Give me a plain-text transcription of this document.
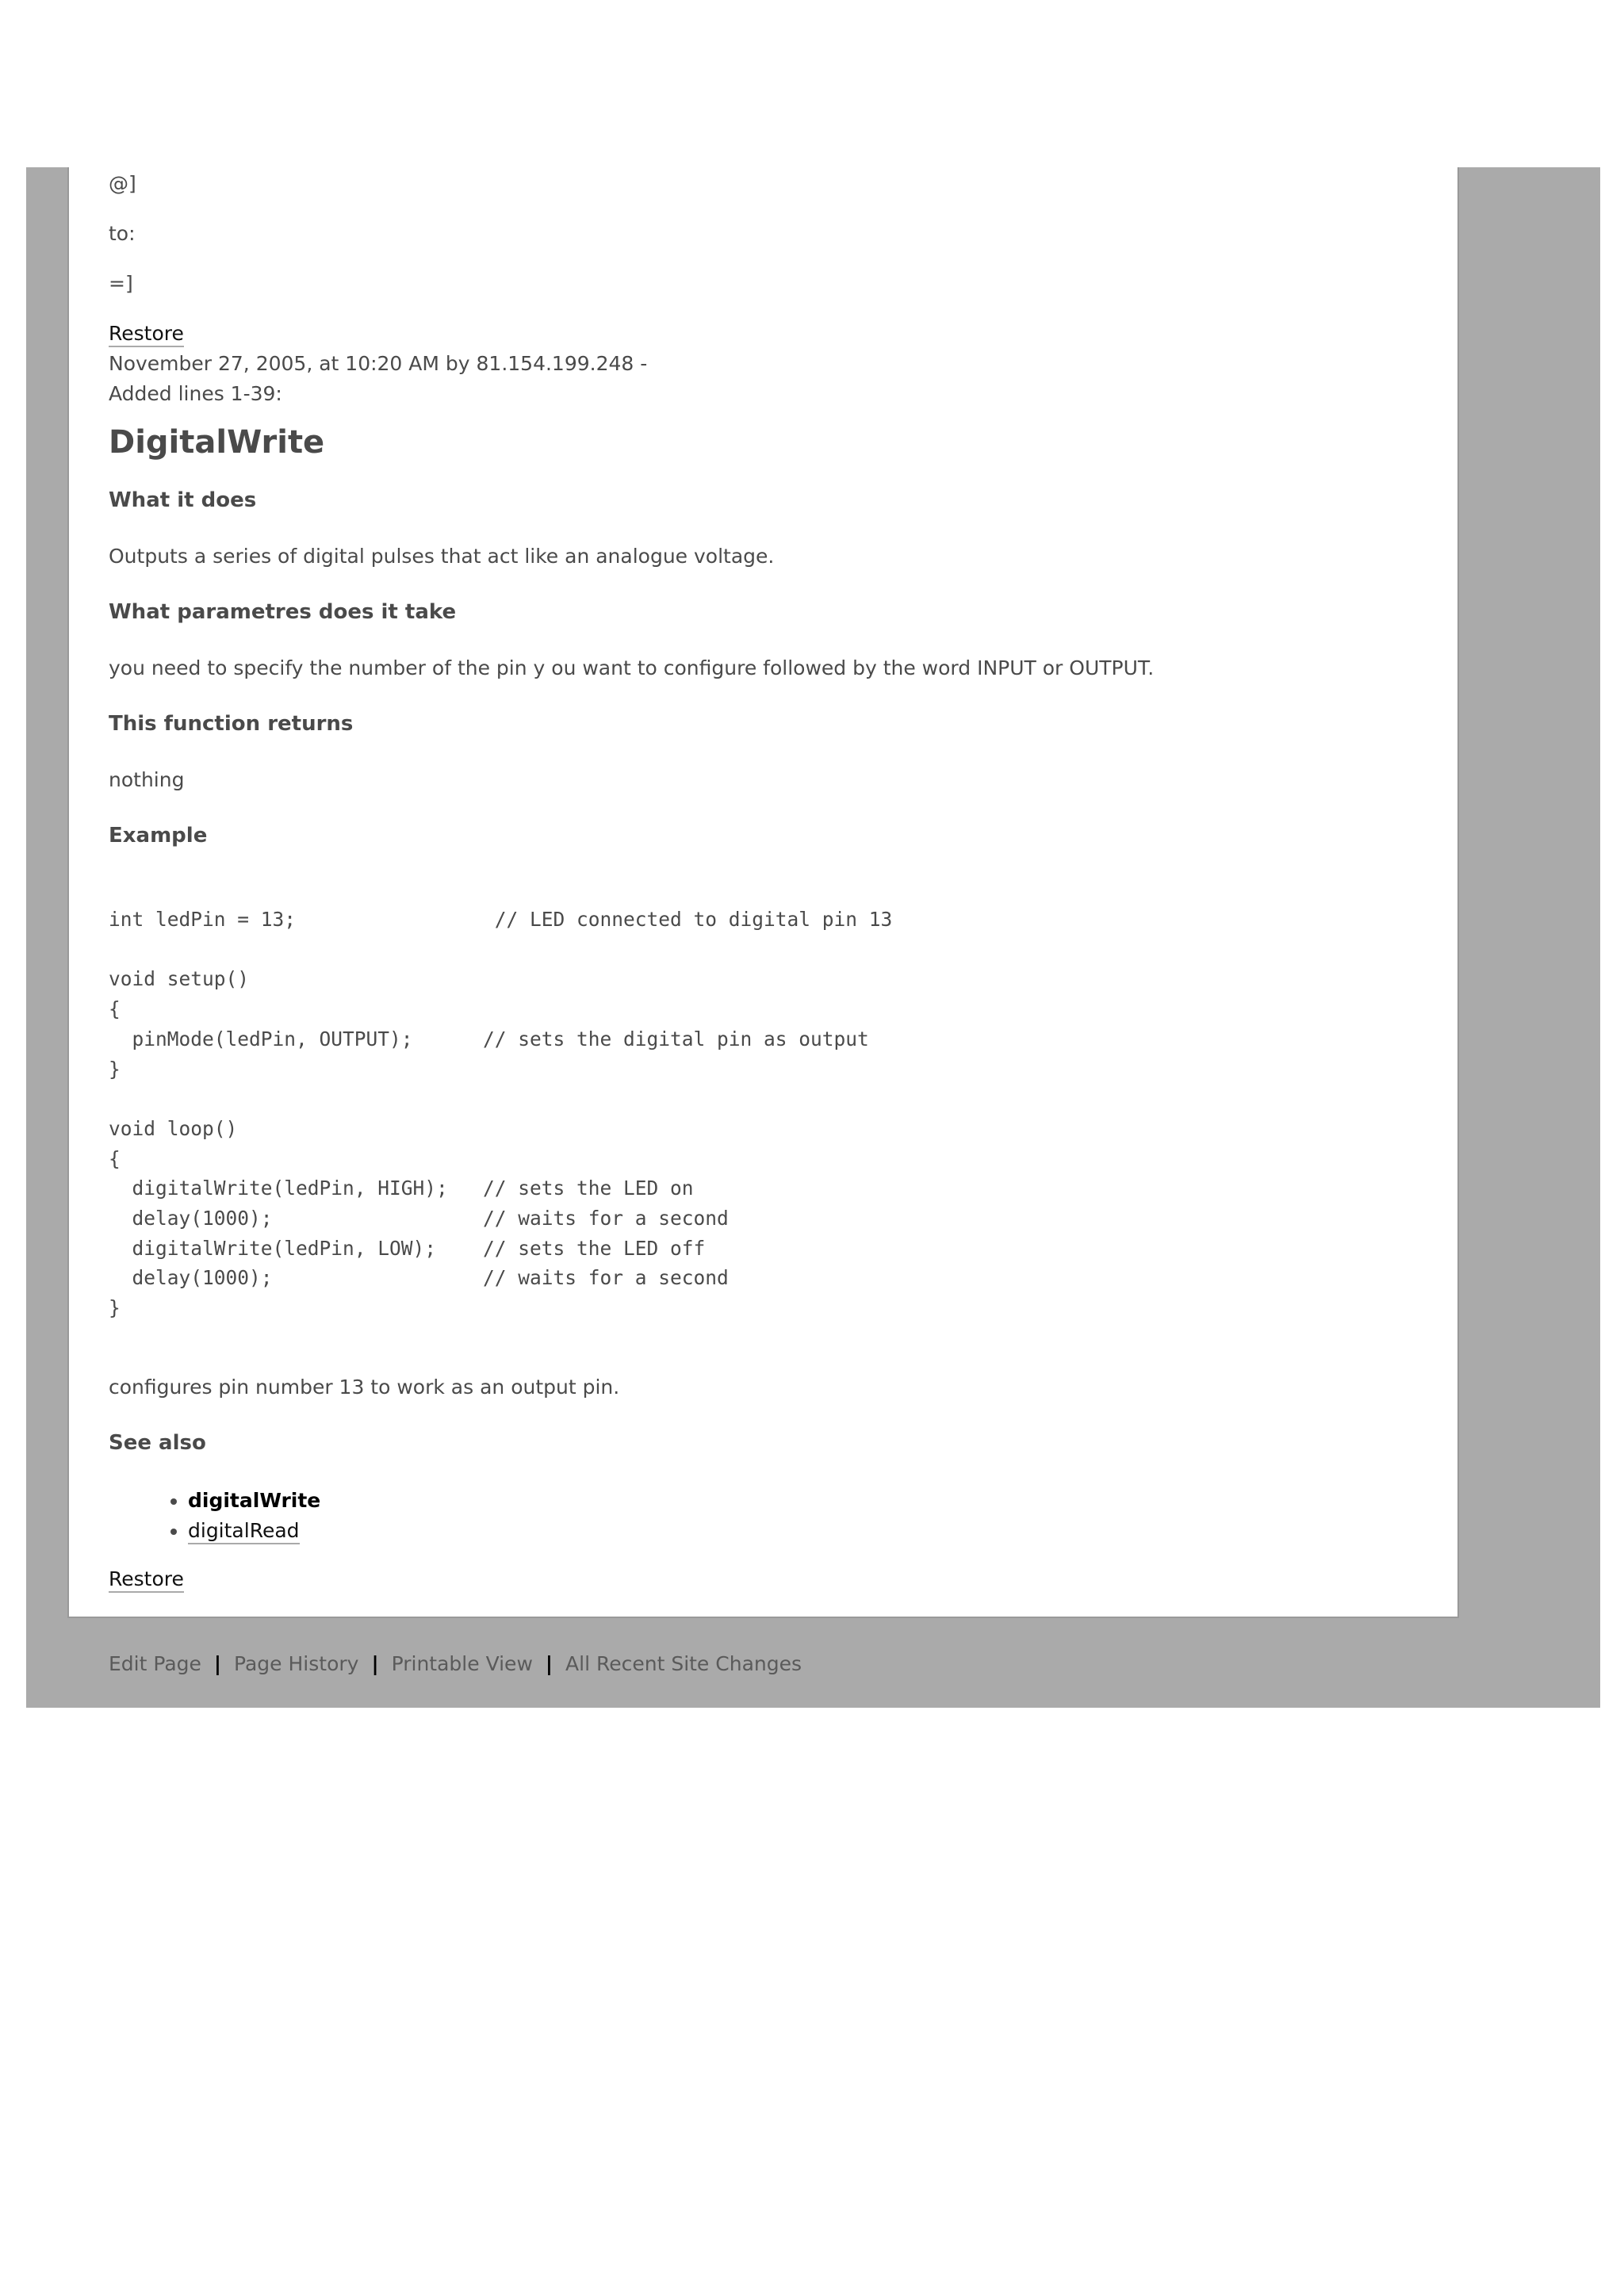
@]
to:
=]
Restore
November 27, 2005, at 10:20 AM by 81.154.199.248 -
Added lines 1-39:
DigitalWrite
What it does
Outputs a series of digital pulses that act like an analogue voltage.
What parametres does it take
you need to specify the number of the pin y ou want to configure followed by the word INPUT or OUTPUT.
This function returns
nothing
Example
int ledPin = 13;                 // LED connected to digital pin 13

void setup()
{
pinMode(ledPin, OUTPUT);      // sets the digital pin as output
}

void loop()
{
digitalWrite(ledPin, HIGH);   // sets the LED on
delay(1000);                  // waits for a second
digitalWrite(ledPin, LOW);    // sets the LED off
delay(1000);                  // waits for a second
}
configures pin number 13 to work as an output pin.
See also
• digitalWrite
• digitalRead
Restore
Edit Page | Page History | Printable View | All Recent Site Changes
